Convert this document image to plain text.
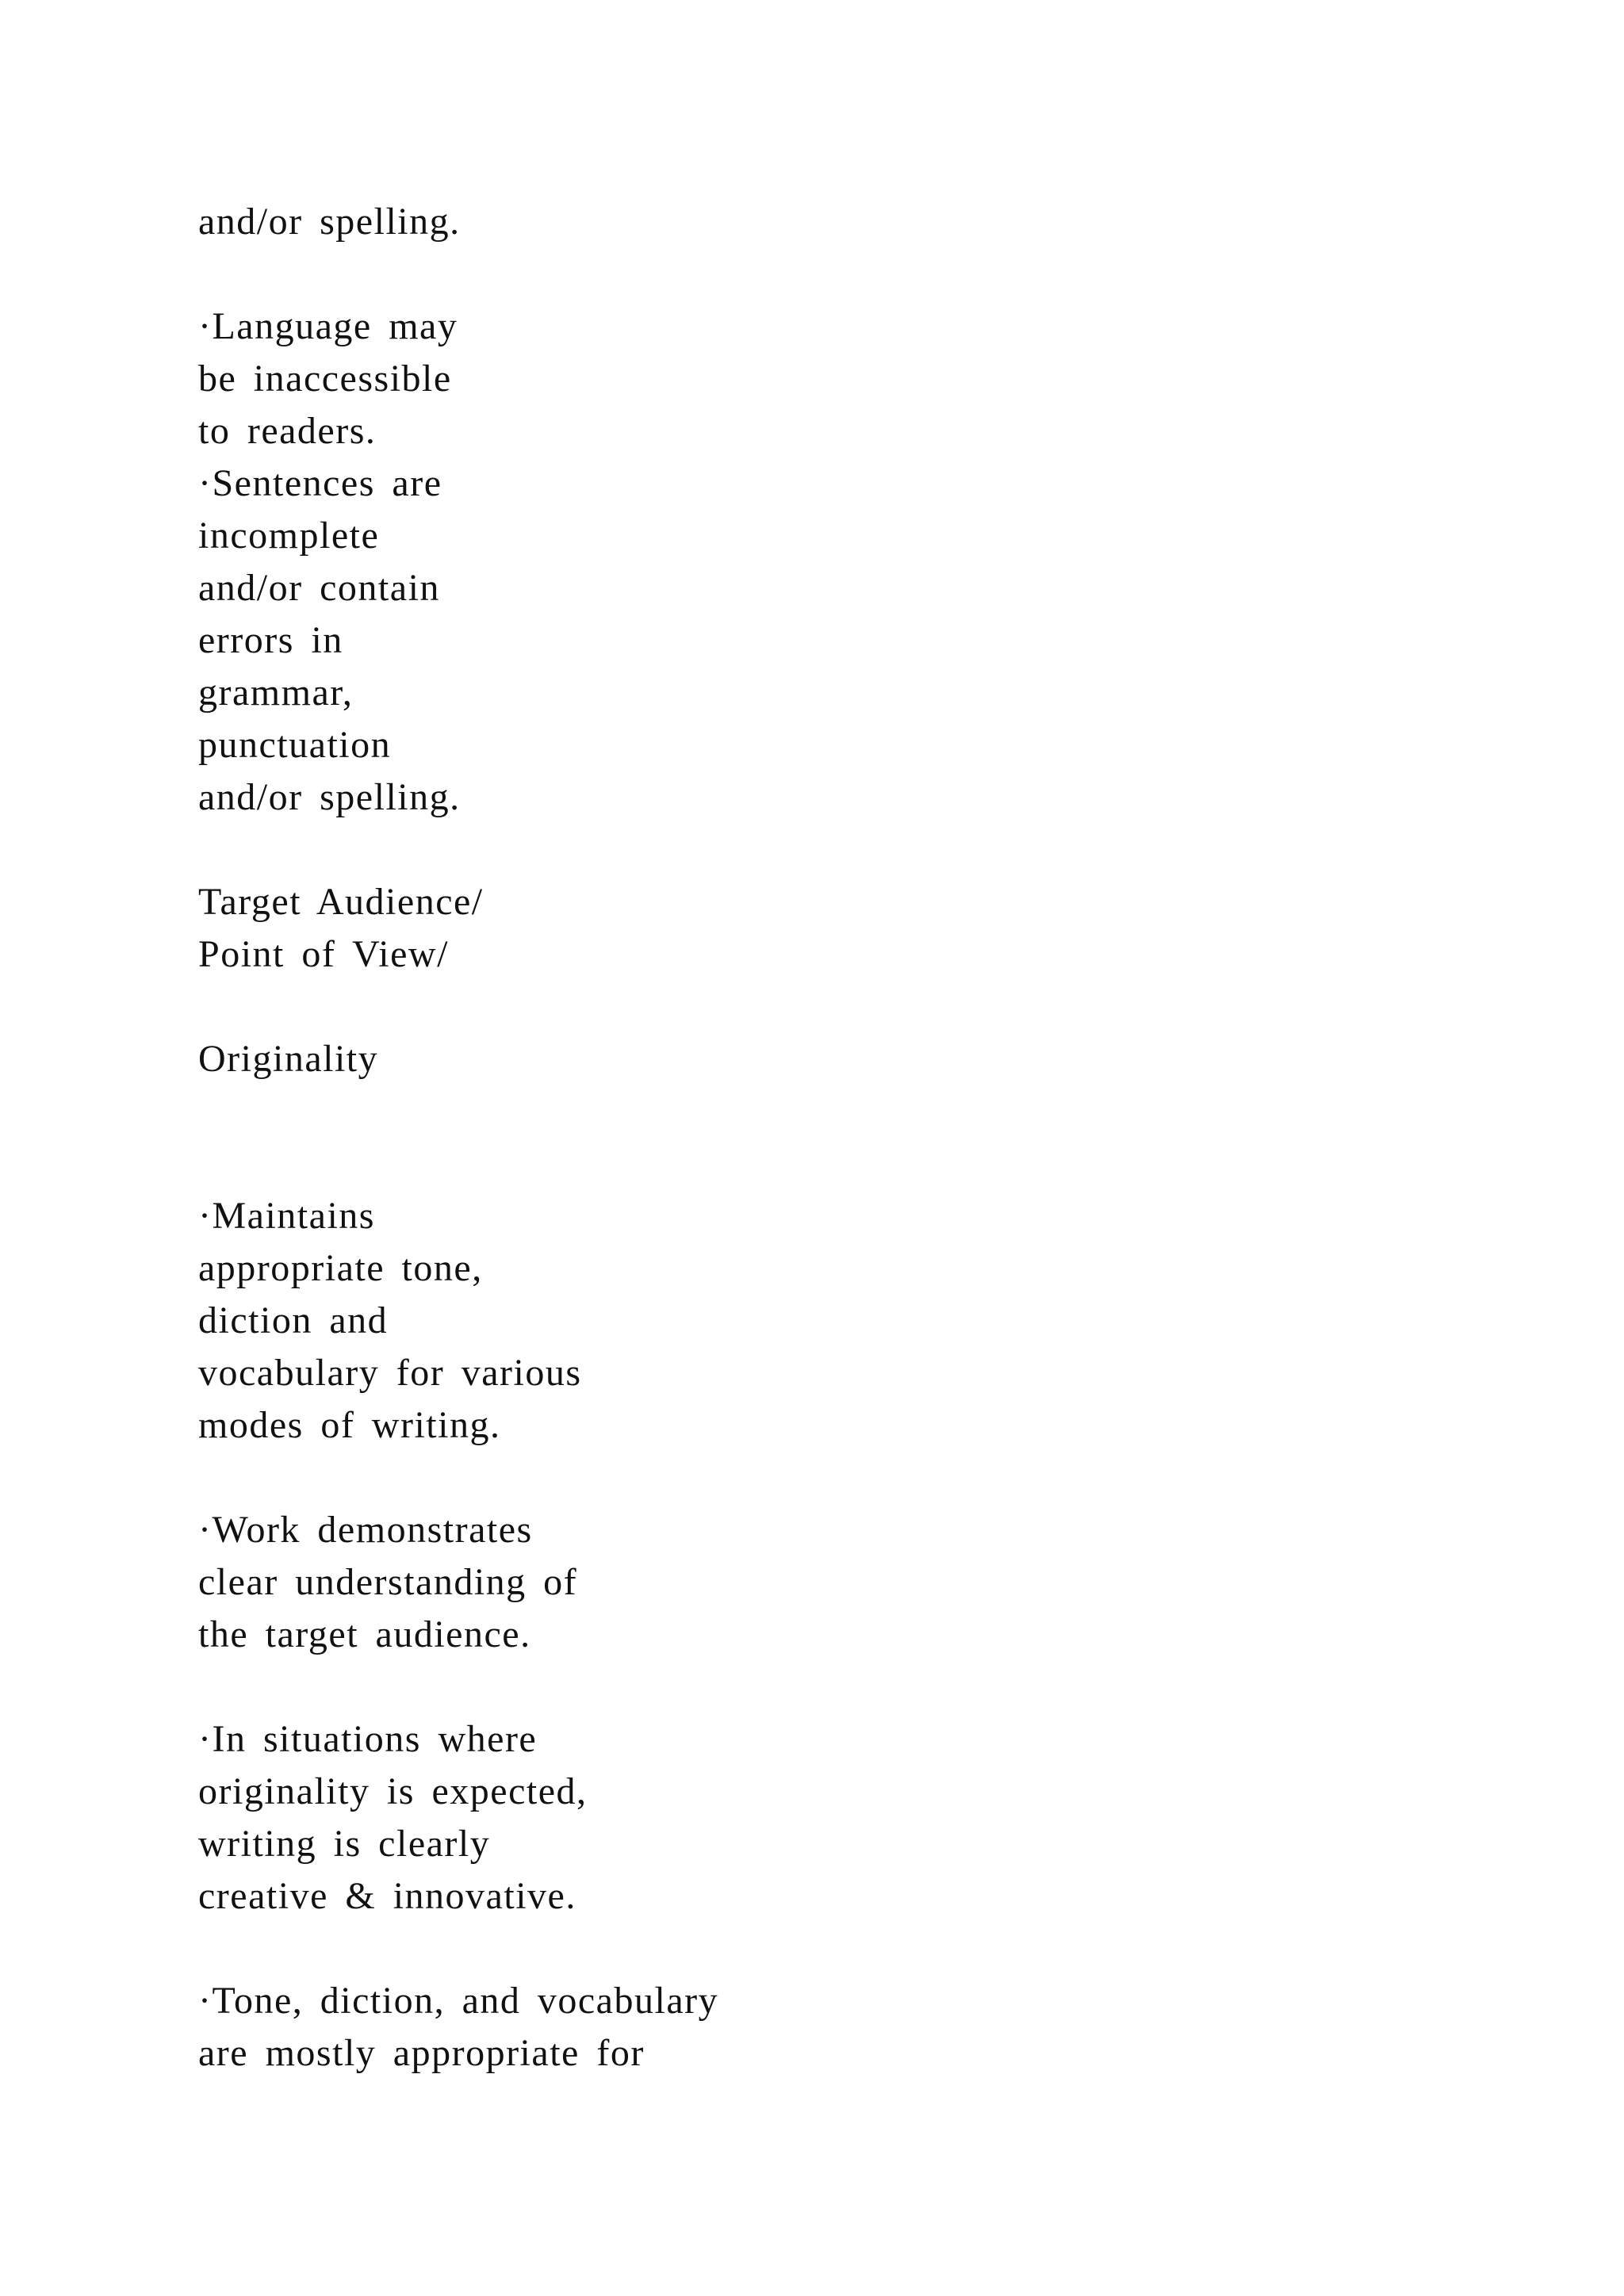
and/or spelling.
·Language may
be inaccessible
to readers.
·Sentences are
incomplete
and/or contain
errors in
grammar,
punctuation
and/or spelling.
Target Audience/
Point of View/
Originality
·Maintains
appropriate tone,
diction and
vocabulary for various
modes of writing.
·Work demonstrates
clear understanding of
the target audience.
·In situations where
originality is expected,
writing is clearly
creative & innovative.
·Tone, diction, and vocabulary
are mostly appropriate for
